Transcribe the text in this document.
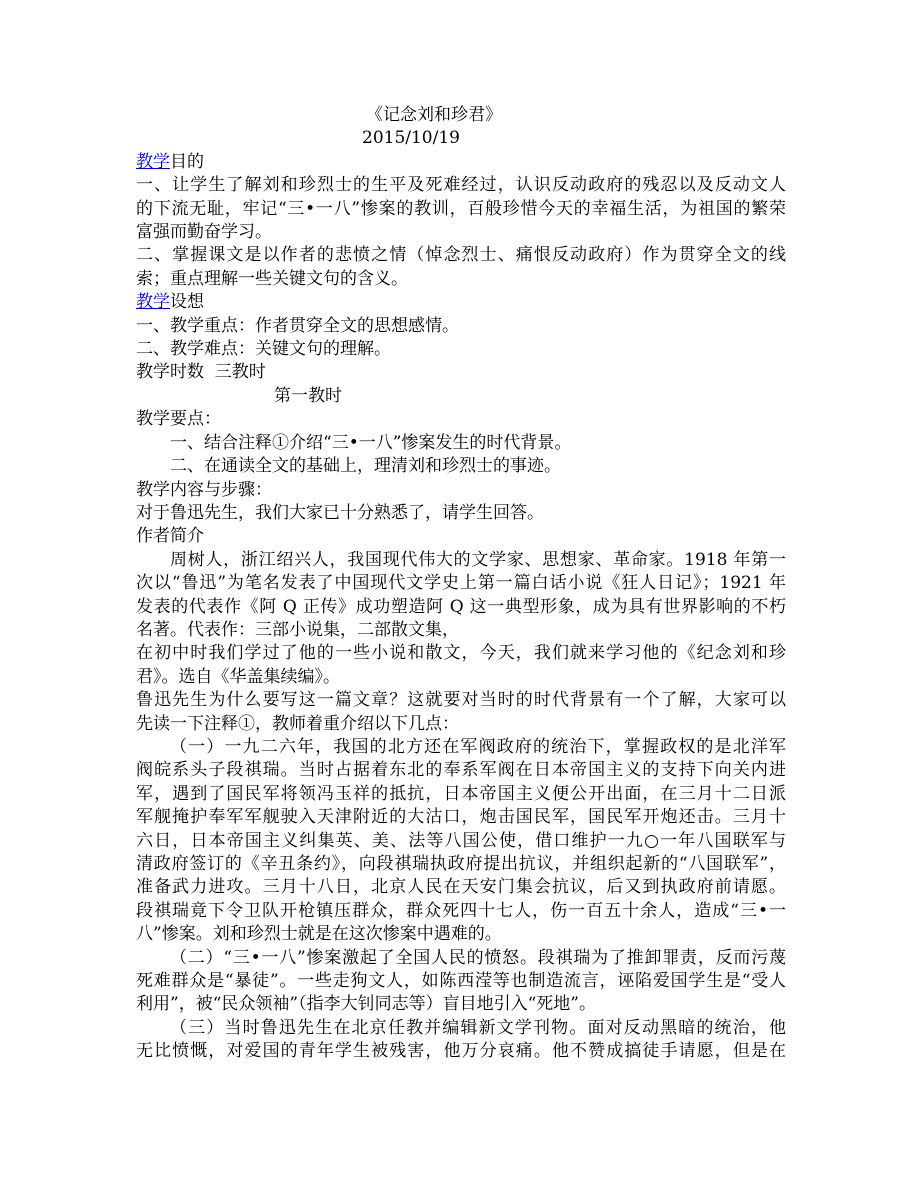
《记念刘和珍君》

2015/10/19

教学目的

一、让学生了解刘和珍烈士的生平及死难经过，认识反动政府的残忍以及反动文人

的下流无耻，牢记“三•一八”惨案的教训，百般珍惜今天的幸福生活，为祖国的繁荣

富强而勤奋学习。

二、掌握课文是以作者的悲愤之情（悼念烈士、痛恨反动政府）作为贯穿全文的线

索；重点理解一些关键文句的含义。

教学设想

一、教学重点：作者贯穿全文的思想感情。

二、教学难点：关键文句的理解。

教学时数  三教时

第一教时

教学要点：

一、结合注释①介绍“三•一八”惨案发生的时代背景。

二、在通读全文的基础上，理清刘和珍烈士的事迹。

教学内容与步骤：

对于鲁迅先生，我们大家已十分熟悉了，请学生回答。

作者简介

周树人，浙江绍兴人，我国现代伟大的文学家、思想家、革命家。1918 年第一

次以“鲁迅”为笔名发表了中国现代文学史上第一篇白话小说《狂人日记》；1921 年

发表的代表作《阿 Q 正传》成功塑造阿 Q 这一典型形象，成为具有世界影响的不朽

名著。代表作：三部小说集，二部散文集，

在初中时我们学过了他的一些小说和散文，今天，我们就来学习他的《纪念刘和珍

君》。选自《华盖集续编》。

鲁迅先生为什么要写这一篇文章？这就要对当时的时代背景有一个了解，大家可以

先读一下注释①，教师着重介绍以下几点：

（一）一九二六年，我国的北方还在军阀政府的统治下，掌握政权的是北洋军

阀皖系头子段祺瑞。当时占据着东北的奉系军阀在日本帝国主义的支持下向关内进

军，遇到了国民军将领冯玉祥的抵抗，日本帝国主义便公开出面，在三月十二日派

军舰掩护奉军军舰驶入天津附近的大沽口，炮击国民军，国民军开炮还击。三月十

六日，日本帝国主义纠集英、美、法等八国公使，借口维护一九○一年八国联军与

清政府签订的《辛丑条约》，向段祺瑞执政府提出抗议，并组织起新的“八国联军”，

准备武力进攻。三月十八日，北京人民在天安门集会抗议，后又到执政府前请愿。

段祺瑞竟下令卫队开枪镇压群众，群众死四十七人，伤一百五十余人，造成“三•一

八”惨案。刘和珍烈士就是在这次惨案中遇难的。

（二）“三•一八”惨案激起了全国人民的愤怒。段祺瑞为了推卸罪责，反而污蔑

死难群众是“暴徒”。一些走狗文人，如陈西滢等也制造流言，诬陷爱国学生是“受人

利用”，被“民众领袖”（指李大钊同志等）盲目地引入“死地”。

（三）当时鲁迅先生在北京任教并编辑新文学刊物。面对反动黑暗的统治，他

无比愤慨，对爱国的青年学生被残害，他万分哀痛。他不赞成搞徒手请愿，但是在
